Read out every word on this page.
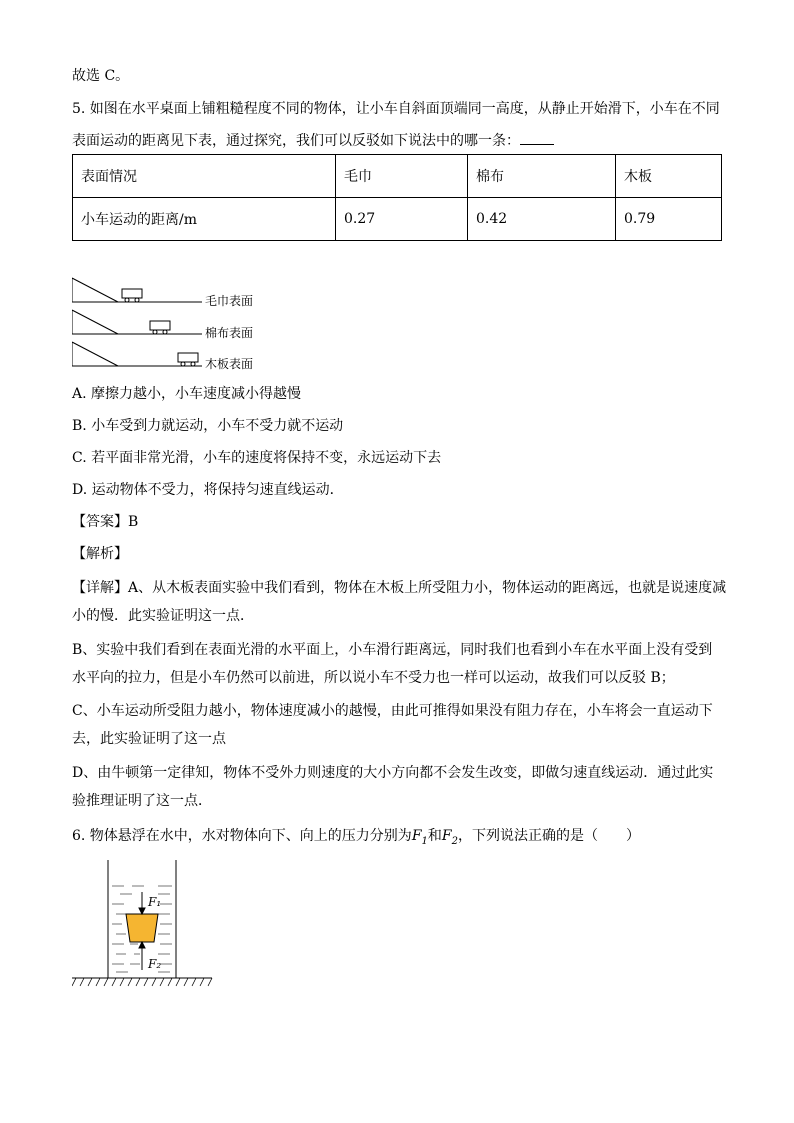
故选 C。
5. 如图在水平桌面上铺粗糙程度不同的物体，让小车自斜面顶端同一高度，从静止开始滑下，小车在不同
表面运动的距离见下表，通过探究，我们可以反驳如下说法中的哪一条：
表面情况	毛巾	棉布	木板
小车运动的距离/m	0.27	0.42	0.79
毛巾表面
棉布表面
木板表面
A. 摩擦力越小，小车速度减小得越慢
B. 小车受到力就运动，小车不受力就不运动
C. 若平面非常光滑，小车的速度将保持不变，永远运动下去
D. 运动物体不受力，将保持匀速直线运动．
【答案】B
【解析】
【详解】A、从木板表面实验中我们看到，物体在木板上所受阻力小，物体运动的距离远，也就是说速度减
小的慢．此实验证明这一点．
B、实验中我们看到在表面光滑的水平面上，小车滑行距离远，同时我们也看到小车在水平面上没有受到
水平向的拉力，但是小车仍然可以前进，所以说小车不受力也一样可以运动，故我们可以反驳 B；
C、小车运动所受阻力越小，物体速度减小的越慢，由此可推得如果没有阻力存在，小车将会一直运动下
去，此实验证明了这一点
D、由牛顿第一定律知，物体不受外力则速度的大小方向都不会发生改变，即做匀速直线运动．通过此实
验推理证明了这一点．
6. 物体悬浮在水中，水对物体向下、向上的压力分别为$F_1$和$F_2$，下列说法正确的是（　　）
F₁
F₂
